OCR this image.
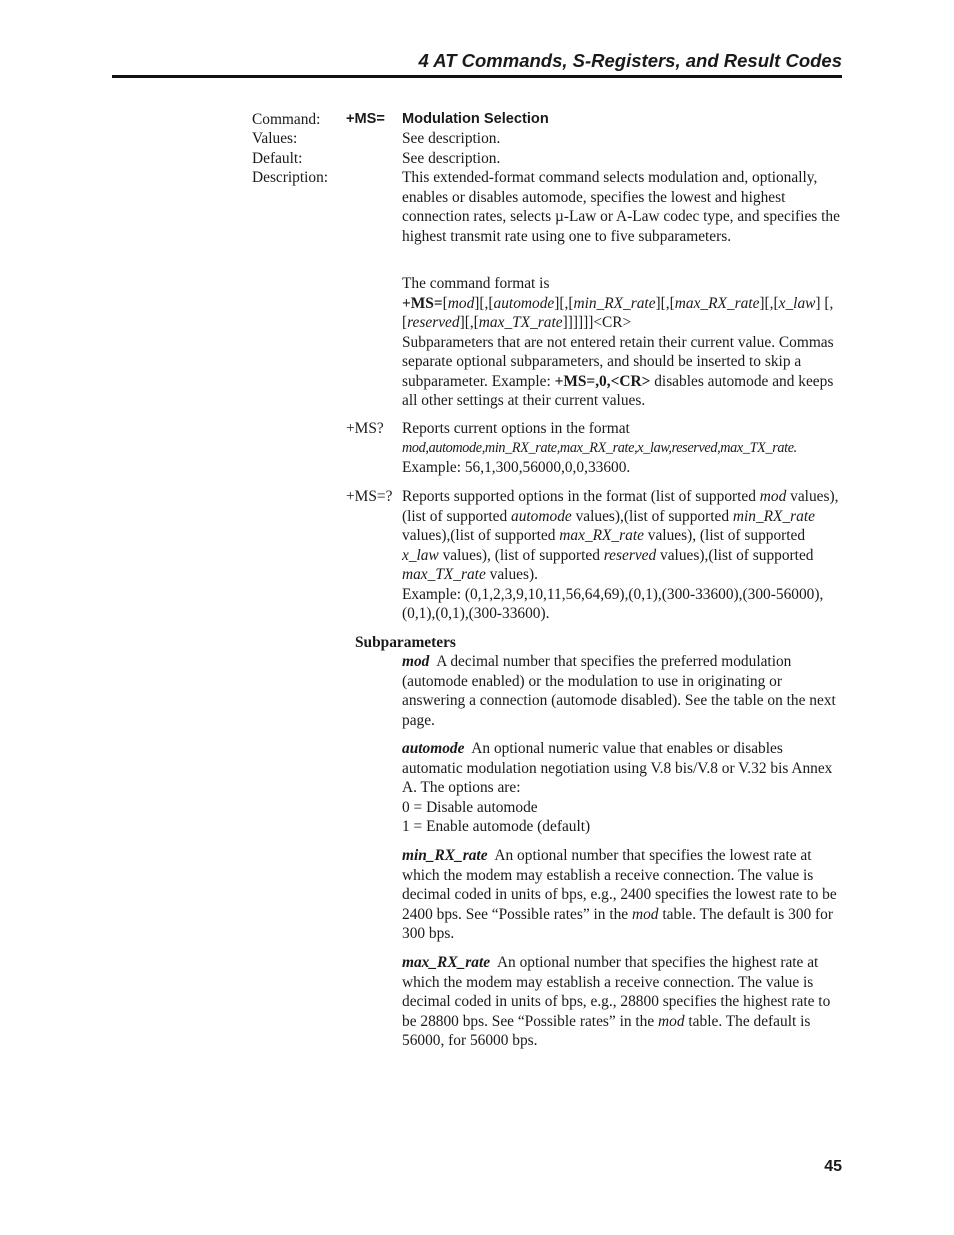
4 AT Commands, S-Registers, and Result Codes
Command: +MS= Modulation Selection
Values:	See description.
Default:	See description.
Description:	This extended-format command selects modulation and, optionally, enables or disables automode, specifies the lowest and highest connection rates, selects µ-Law or A-Law codec type, and specifies the highest transmit rate using one to five subparameters.

The command format is

+MS=[mod][,[automode][,[min_RX_rate][,[max_RX_rate][,[x_law] [,[reserved][,[max_TX_rate]]]]]]<CR>

Subparameters that are not entered retain their current value. Commas separate optional subparameters, and should be inserted to skip a subparameter. Example: +MS=,0,<CR> disables automode and keeps all other settings at their current values.

+MS? Reports current options in the format

mod,automode,min_RX_rate,max_RX_rate,x_law,reserved,max_TX_rate.

Example: 56,1,300,56000,0,0,33600.

+MS=? Reports supported options in the format (list of supported mod values),(list of supported automode values),(list of supported min_RX_rate values),(list of supported max_RX_rate values), (list of supported x_law values), (list of supported reserved values),(list of supported max_TX_rate values).

Example: (0,1,2,3,9,10,11,56,64,69),(0,1),(300-33600),(300-56000),(0,1),(0,1),(300-33600).

Subparameters

mod A decimal number that specifies the preferred modulation (automode enabled) or the modulation to use in originating or answering a connection (automode disabled). See the table on the next page.

automode An optional numeric value that enables or disables automatic modulation negotiation using V.8 bis/V.8 or V.32 bis Annex A. The options are:

0 = Disable automode

1 = Enable automode (default)

min_RX_rate An optional number that specifies the lowest rate at which the modem may establish a receive connection. The value is decimal coded in units of bps, e.g., 2400 specifies the lowest rate to be 2400 bps. See “Possible rates” in the mod table. The default is 300 for 300 bps.

max_RX_rate An optional number that specifies the highest rate at which the modem may establish a receive connection. The value is decimal coded in units of bps, e.g., 28800 specifies the highest rate to be 28800 bps. See “Possible rates” in the mod table. The default is 56000, for 56000 bps.

45
